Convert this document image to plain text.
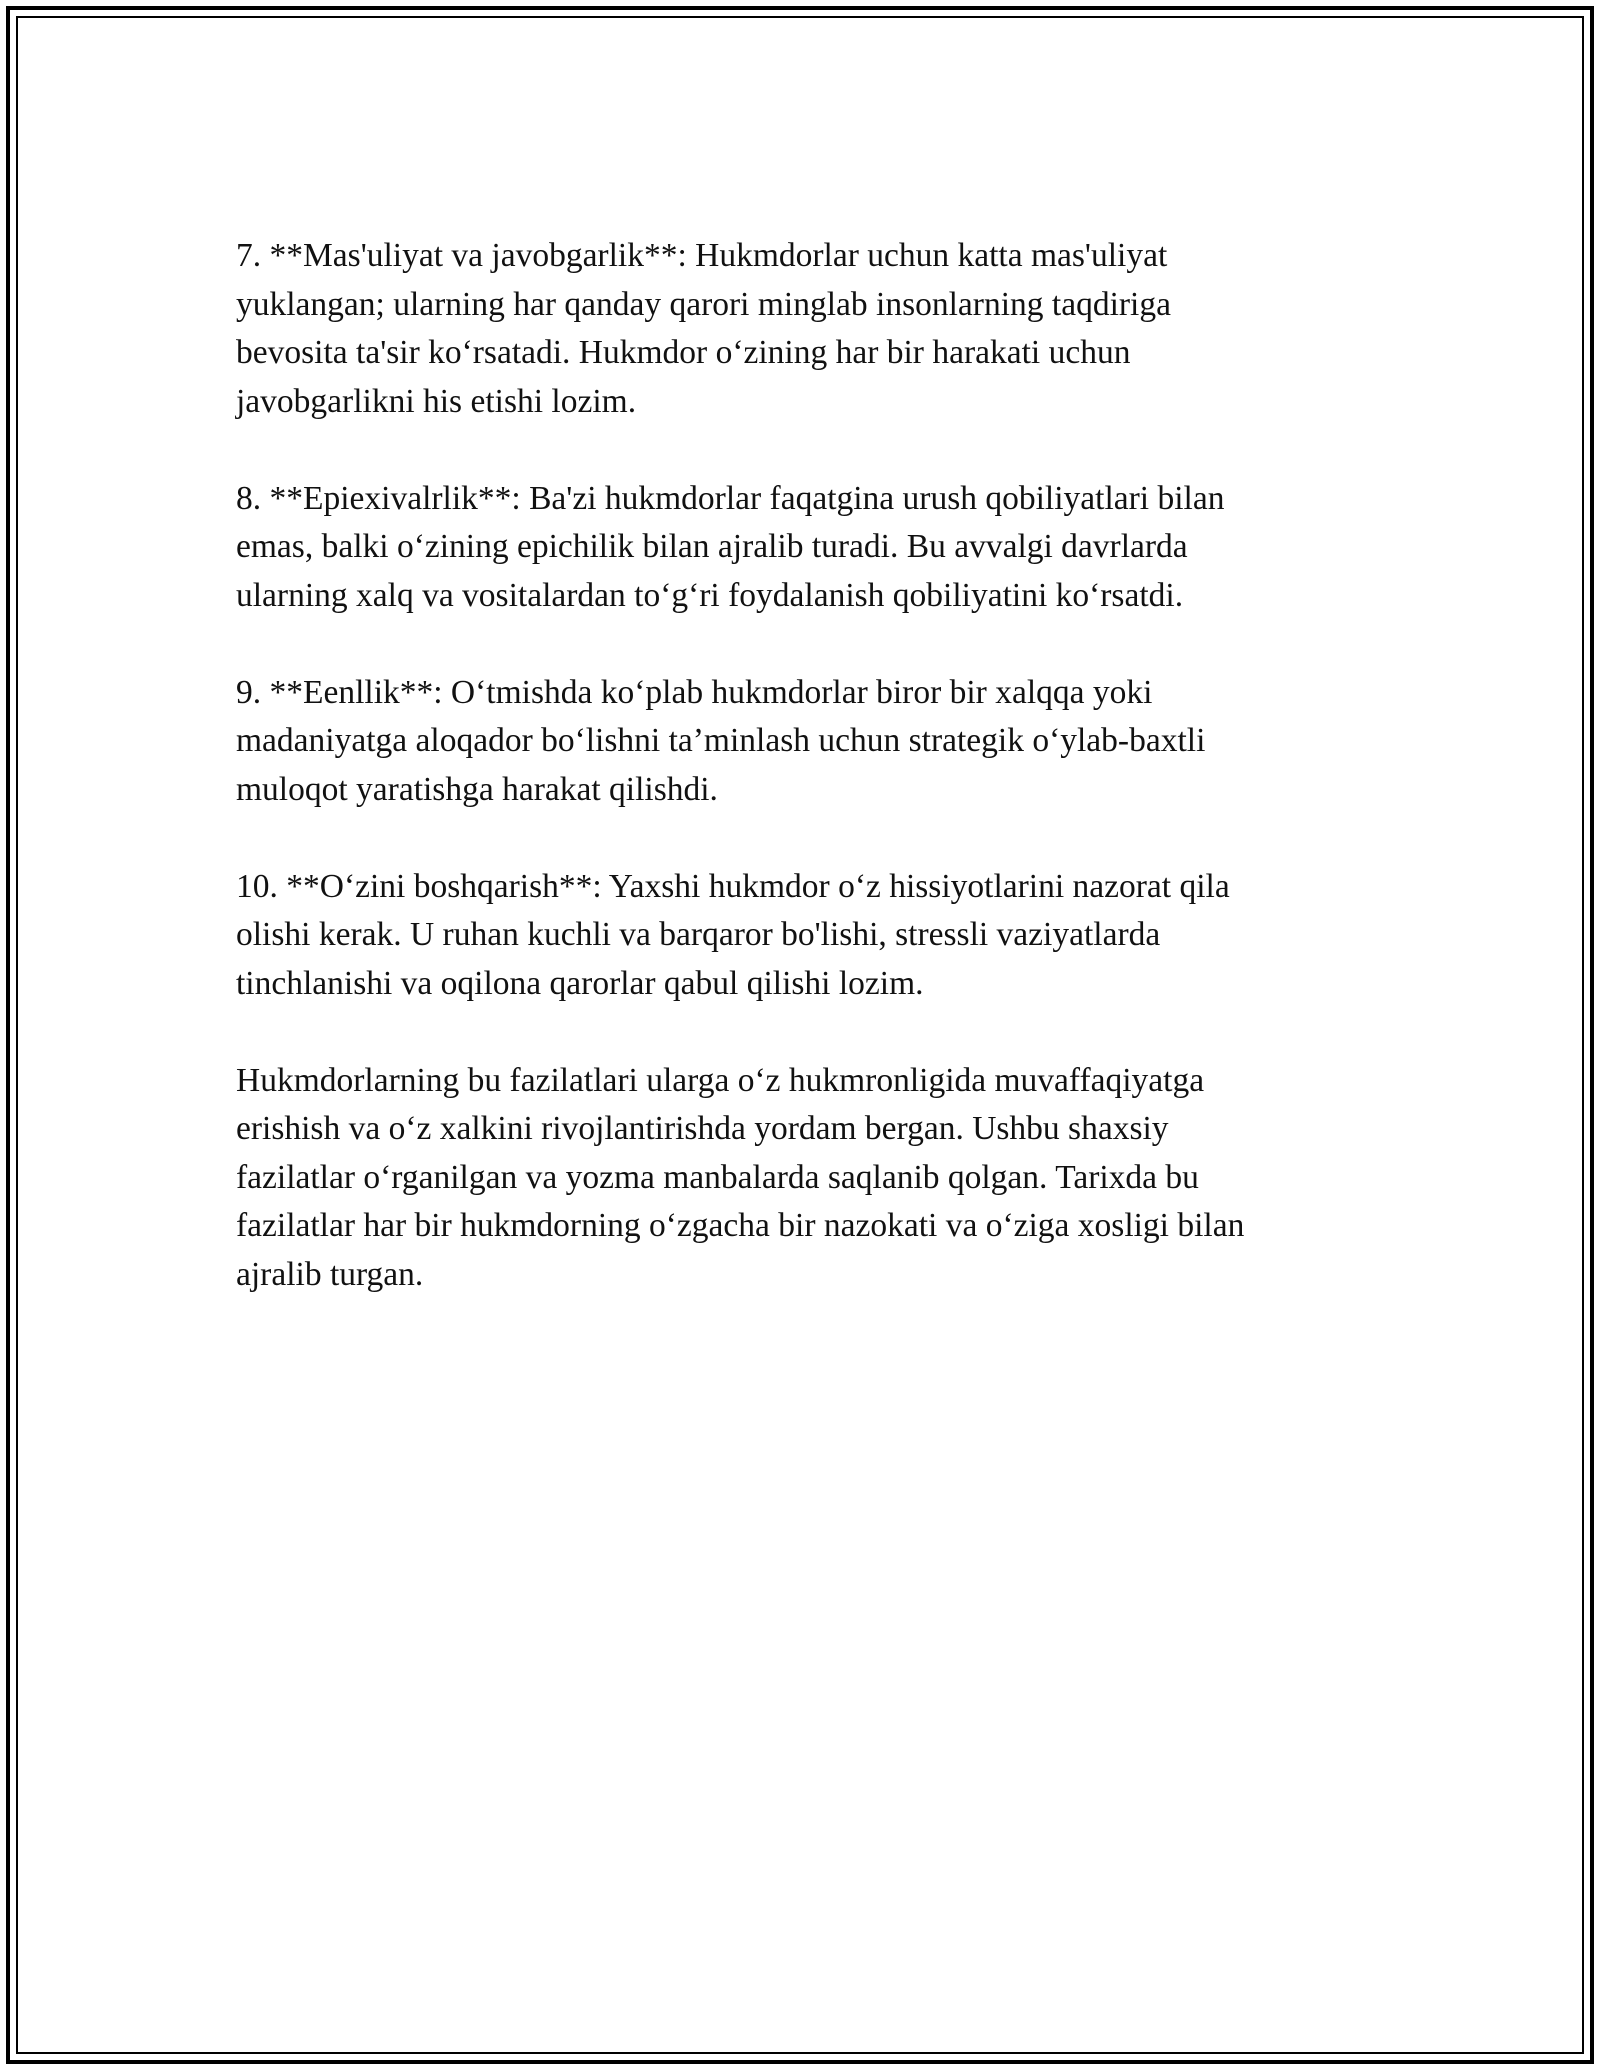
7. **Mas'uliyat va javobgarlik**: Hukmdorlar uchun katta mas'uliyat
yuklangan; ularning har qanday qarori minglab insonlarning taqdiriga
bevosita ta'sir ko‘rsatadi. Hukmdor o‘zining har bir harakati uchun
javobgarlikni his etishi lozim.

8. **Epiexivalrlik**: Ba'zi hukmdorlar faqatgina urush qobiliyatlari bilan
emas, balki o‘zining epichilik bilan ajralib turadi. Bu avvalgi davrlarda
ularning xalq va vositalardan to‘g‘ri foydalanish qobiliyatini ko‘rsatdi.

9. **Eenllik**: O‘tmishda ko‘plab hukmdorlar biror bir xalqqa yoki
madaniyatga aloqador bo‘lishni ta’minlash uchun strategik o‘ylab-baxtli
muloqot yaratishga harakat qilishdi.

10. **O‘zini boshqarish**: Yaxshi hukmdor o‘z hissiyotlarini nazorat qila
olishi kerak. U ruhan kuchli va barqaror bo'lishi, stressli vaziyatlarda
tinchlanishi va oqilona qarorlar qabul qilishi lozim.

Hukmdorlarning bu fazilatlari ularga o‘z hukmronligida muvaffaqiyatga
erishish va o‘z xalkini rivojlantirishda yordam bergan. Ushbu shaxsiy
fazilatlar o‘rganilgan va yozma manbalarda saqlanib qolgan. Tarixda bu
fazilatlar har bir hukmdorning o‘zgacha bir nazokati va o‘ziga xosligi bilan
ajralib turgan.
